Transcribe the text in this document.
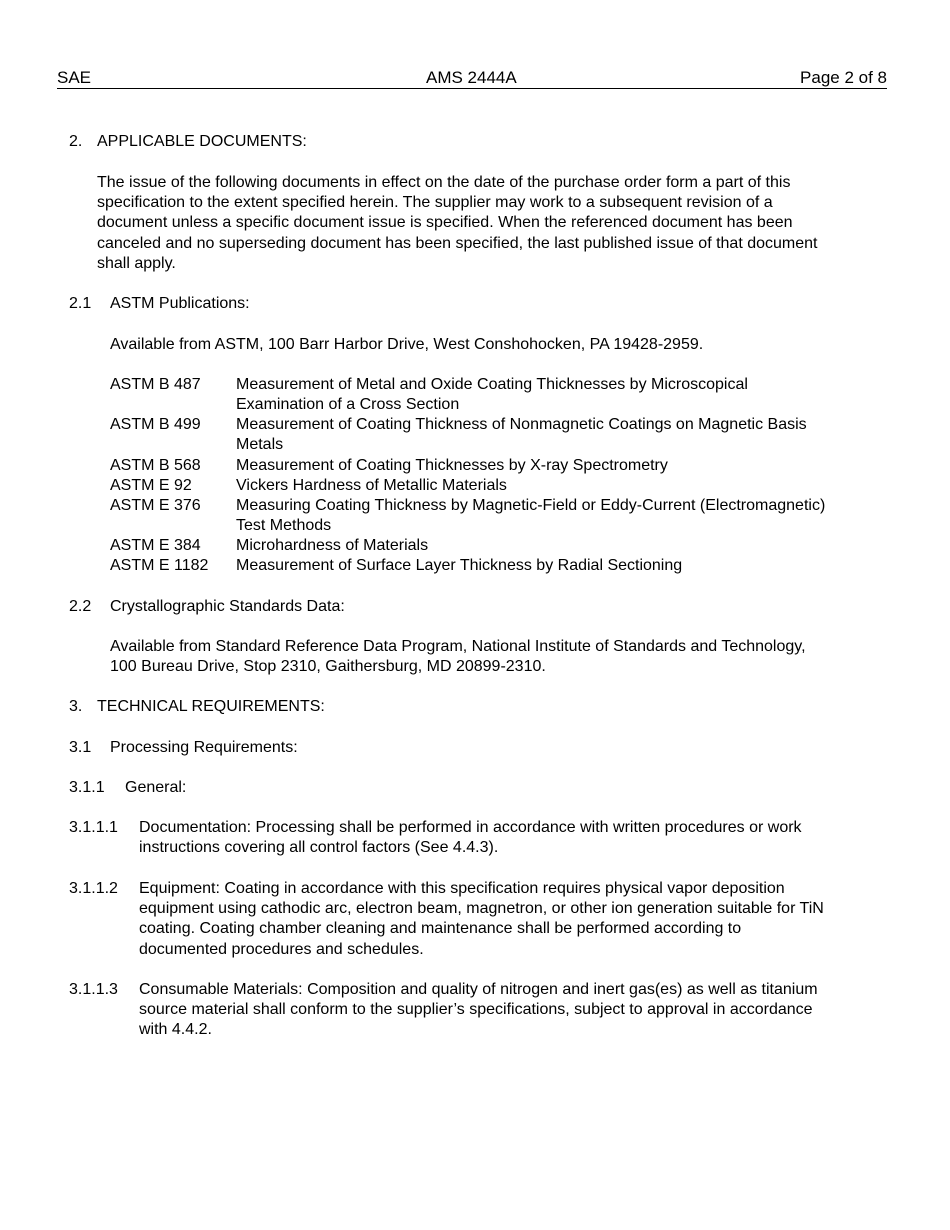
SAE	AMS 2444A	Page 2 of 8
2. APPLICABLE DOCUMENTS:
The issue of the following documents in effect on the date of the purchase order form a part of this
specification to the extent specified herein. The supplier may work to a subsequent revision of a
document unless a specific document issue is specified. When the referenced document has been
canceled and no superseding document has been specified, the last published issue of that document
shall apply.
2.1 ASTM Publications:
Available from ASTM, 100 Barr Harbor Drive, West Conshohocken, PA 19428-2959.
ASTM B 487 Measurement of Metal and Oxide Coating Thicknesses by Microscopical
Examination of a Cross Section
ASTM B 499 Measurement of Coating Thickness of Nonmagnetic Coatings on Magnetic Basis
Metals
ASTM B 568 Measurement of Coating Thicknesses by X-ray Spectrometry
ASTM E 92	Vickers Hardness of Metallic Materials
ASTM E 376 Measuring Coating Thickness by Magnetic-Field or Eddy-Current (Electromagnetic)
Test Methods
ASTM E 384 Microhardness of Materials
ASTM E 1182 Measurement of Surface Layer Thickness by Radial Sectioning
2.2 Crystallographic Standards Data:
Available from Standard Reference Data Program, National Institute of Standards and Technology,
100 Bureau Drive, Stop 2310, Gaithersburg, MD 20899-2310.
3. TECHNICAL REQUIREMENTS:
3.1 Processing Requirements:
3.1.1 General:
3.1.1.1 Documentation: Processing shall be performed in accordance with written procedures or work
instructions covering all control factors (See 4.4.3).
3.1.1.2 Equipment: Coating in accordance with this specification requires physical vapor deposition
equipment using cathodic arc, electron beam, magnetron, or other ion generation suitable for TiN
coating. Coating chamber cleaning and maintenance shall be performed according to
documented procedures and schedules.
3.1.1.3 Consumable Materials: Composition and quality of nitrogen and inert gas(es) as well as titanium
source material shall conform to the supplier’s specifications, subject to approval in accordance
with 4.4.2.
